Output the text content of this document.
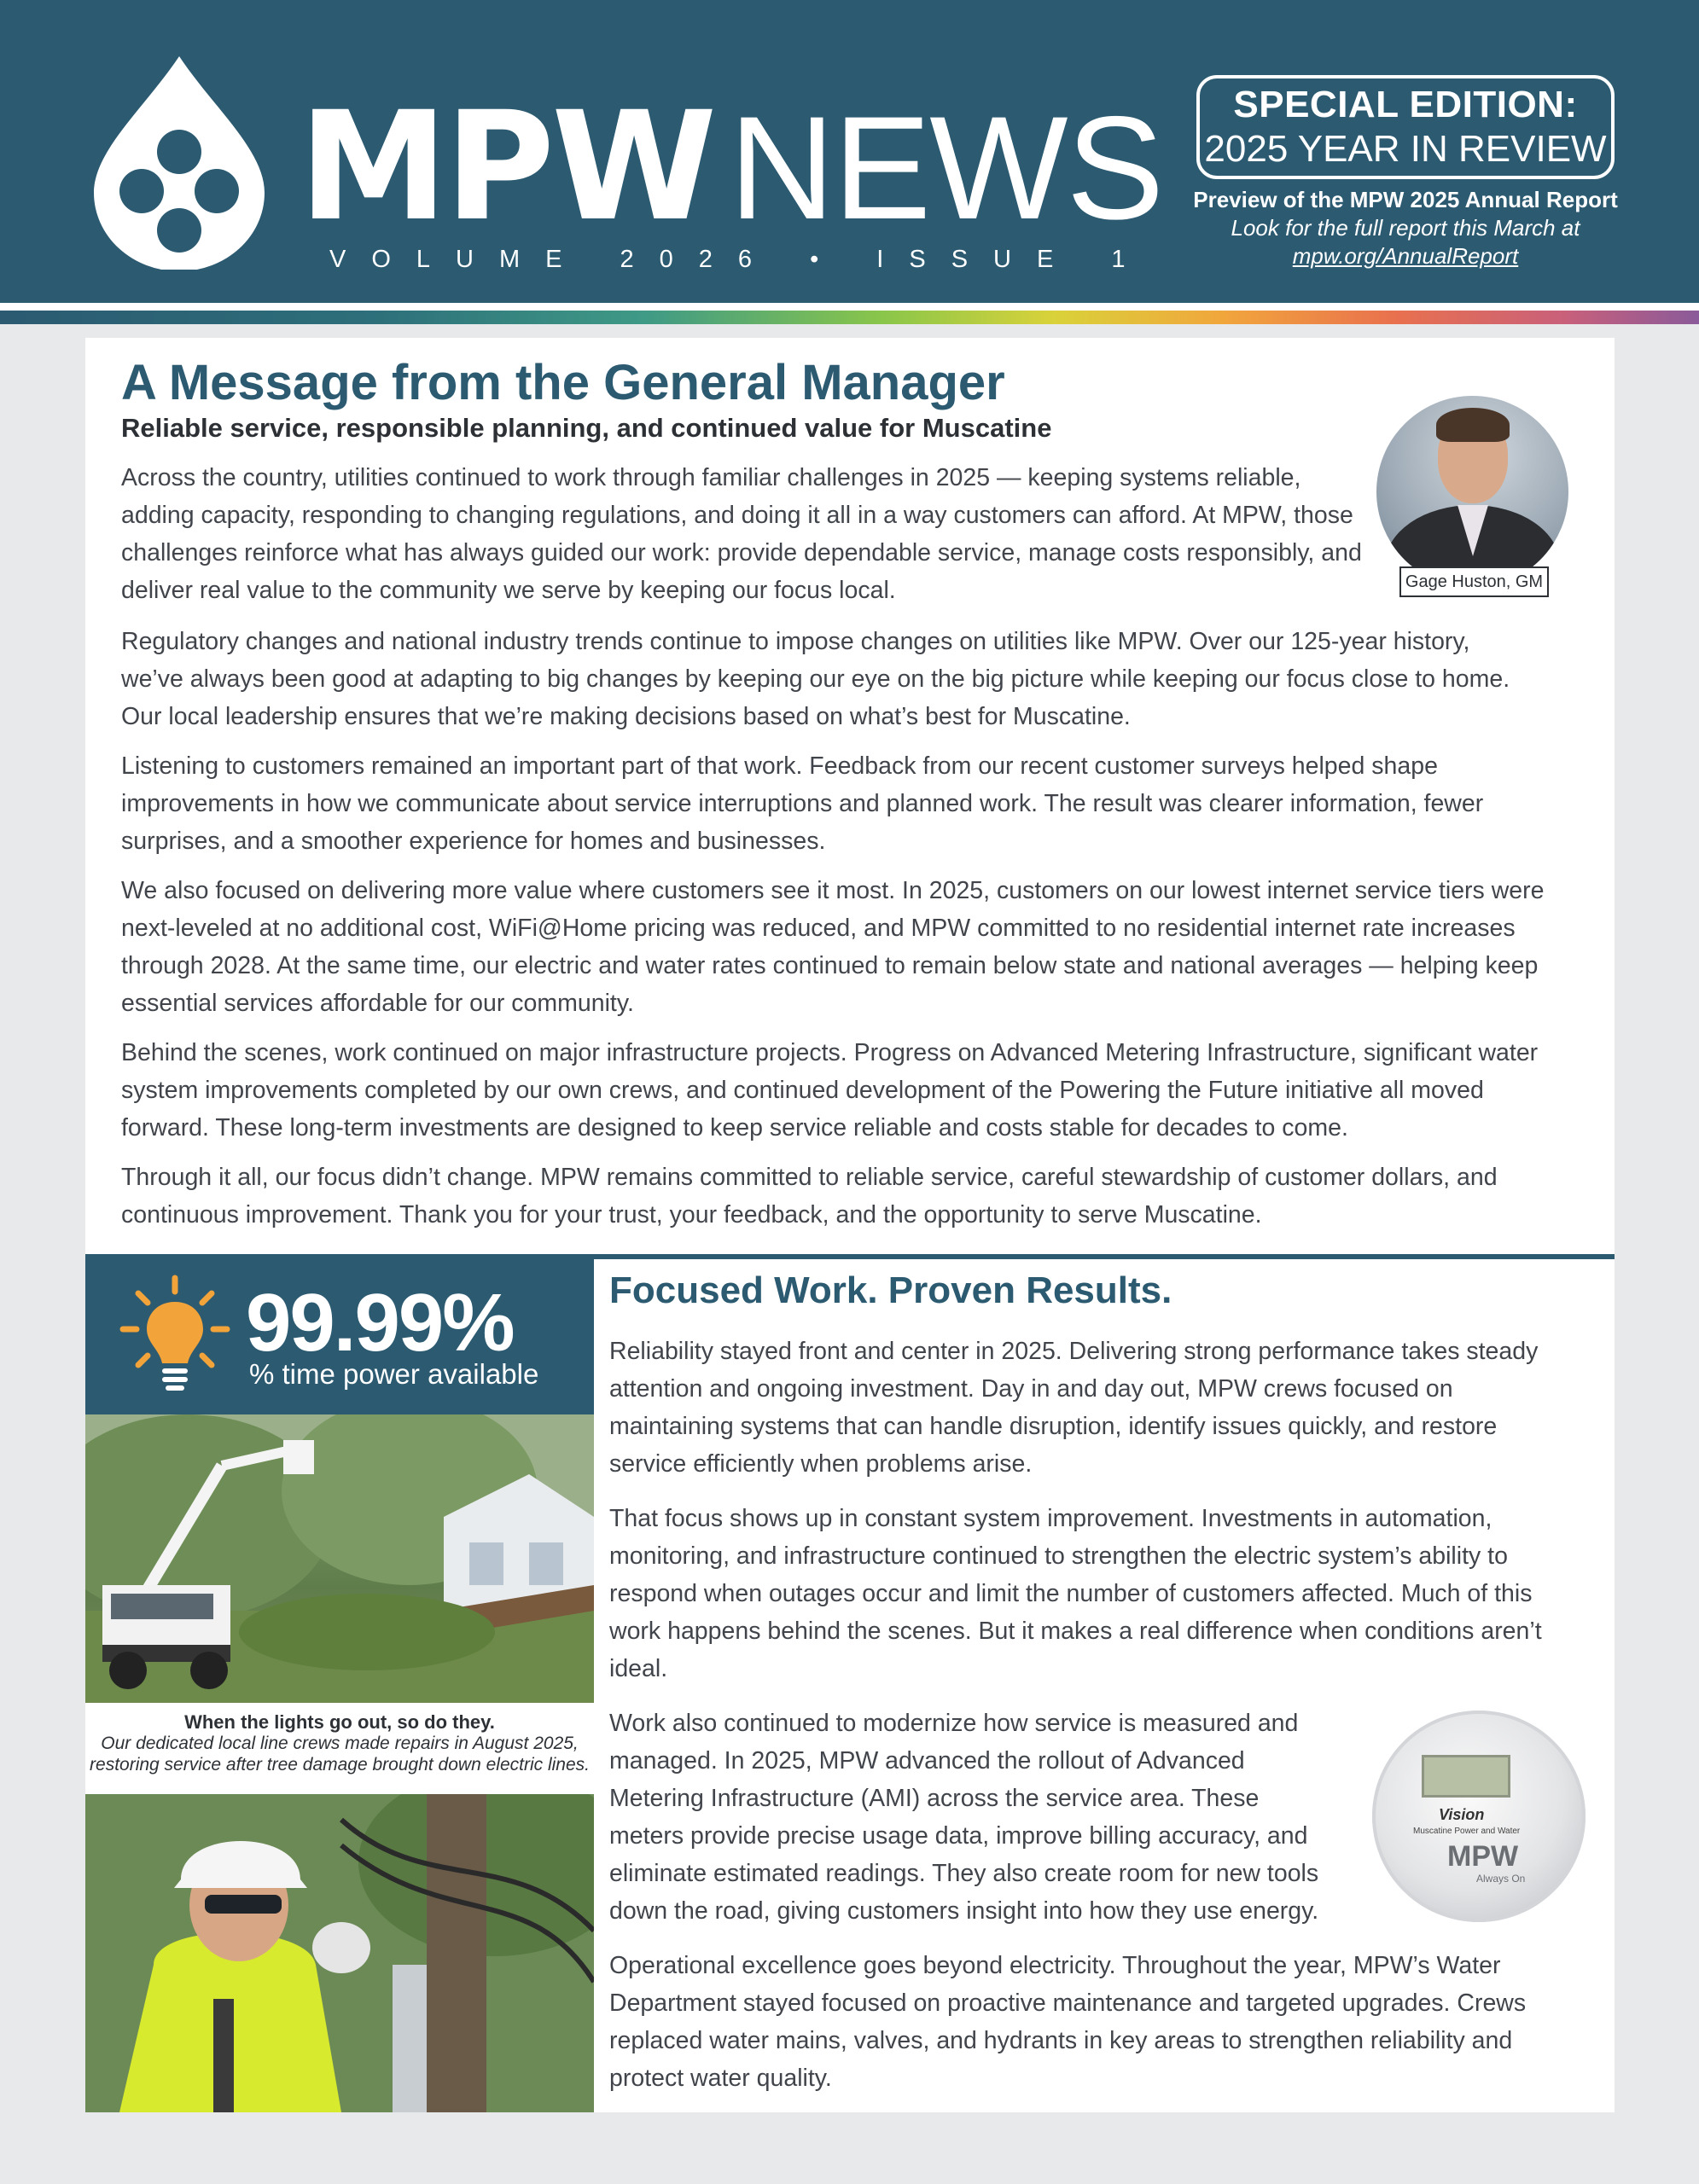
MPW NEWS
VOLUME 2026 • ISSUE 1
SPECIAL EDITION:
2025 YEAR IN REVIEW
Preview of the MPW 2025 Annual Report
Look for the full report this March at
mpw.org/AnnualReport
A Message from the General Manager
Reliable service, responsible planning, and continued value for Muscatine
Gage Huston, GM

Across the country, utilities continued to work through familiar challenges in 2025 — keeping systems reliable, adding capacity, responding to changing regulations, and doing it all in a way customers can afford. At MPW, those challenges reinforce what has always guided our work: provide dependable service, manage costs responsibly, and deliver real value to the community we serve by keeping our focus local.

Regulatory changes and national industry trends continue to impose changes on utilities like MPW. Over our 125-year history, we’ve always been good at adapting to big changes by keeping our eye on the big picture while keeping our focus close to home. Our local leadership ensures that we’re making decisions based on what’s best for Muscatine.

Listening to customers remained an important part of that work. Feedback from our recent customer surveys helped shape improvements in how we communicate about service interruptions and planned work. The result was clearer information, fewer surprises, and a smoother experience for homes and businesses.

We also focused on delivering more value where customers see it most. In 2025, customers on our lowest internet service tiers were next-leveled at no additional cost, WiFi@Home pricing was reduced, and MPW committed to no residential internet rate increases through 2028. At the same time, our electric and water rates continued to remain below state and national averages — helping keep essential services affordable for our community.

Behind the scenes, work continued on major infrastructure projects. Progress on Advanced Metering Infrastructure, significant water system improvements completed by our own crews, and continued development of the Powering the Future initiative all moved forward. These long-term investments are designed to keep service reliable and costs stable for decades to come.

Through it all, our focus didn’t change. MPW remains committed to reliable service, careful stewardship of customer dollars, and continuous improvement. Thank you for your trust, your feedback, and the opportunity to serve Muscatine.

99.99%
% time power available
When the lights go out, so do they.
Our dedicated local line crews made repairs in August 2025, restoring service after tree damage brought down electric lines.
Focused Work. Proven Results.

Reliability stayed front and center in 2025. Delivering strong performance takes steady attention and ongoing investment. Day in and day out, MPW crews focused on maintaining systems that can handle disruption, identify issues quickly, and restore service efficiently when problems arise.

That focus shows up in constant system improvement. Investments in automation, monitoring, and infrastructure continued to strengthen the electric system’s ability to respond when outages occur and limit the number of customers affected. Much of this work happens behind the scenes. But it makes a real difference when conditions aren’t ideal.

Work also continued to modernize how service is measured and managed. In 2025, MPW advanced the rollout of Advanced Metering Infrastructure (AMI) across the service area. These meters provide precise usage data, improve billing accuracy, and eliminate estimated readings. They also create room for new tools down the road, giving customers insight into how they use energy.

Operational excellence goes beyond electricity. Throughout the year, MPW’s Water Department stayed focused on proactive maintenance and targeted upgrades. Crews replaced water mains, valves, and hydrants in key areas to strengthen reliability and protect water quality.

Vision
Muscatine Power and Water
MPW
Always On
